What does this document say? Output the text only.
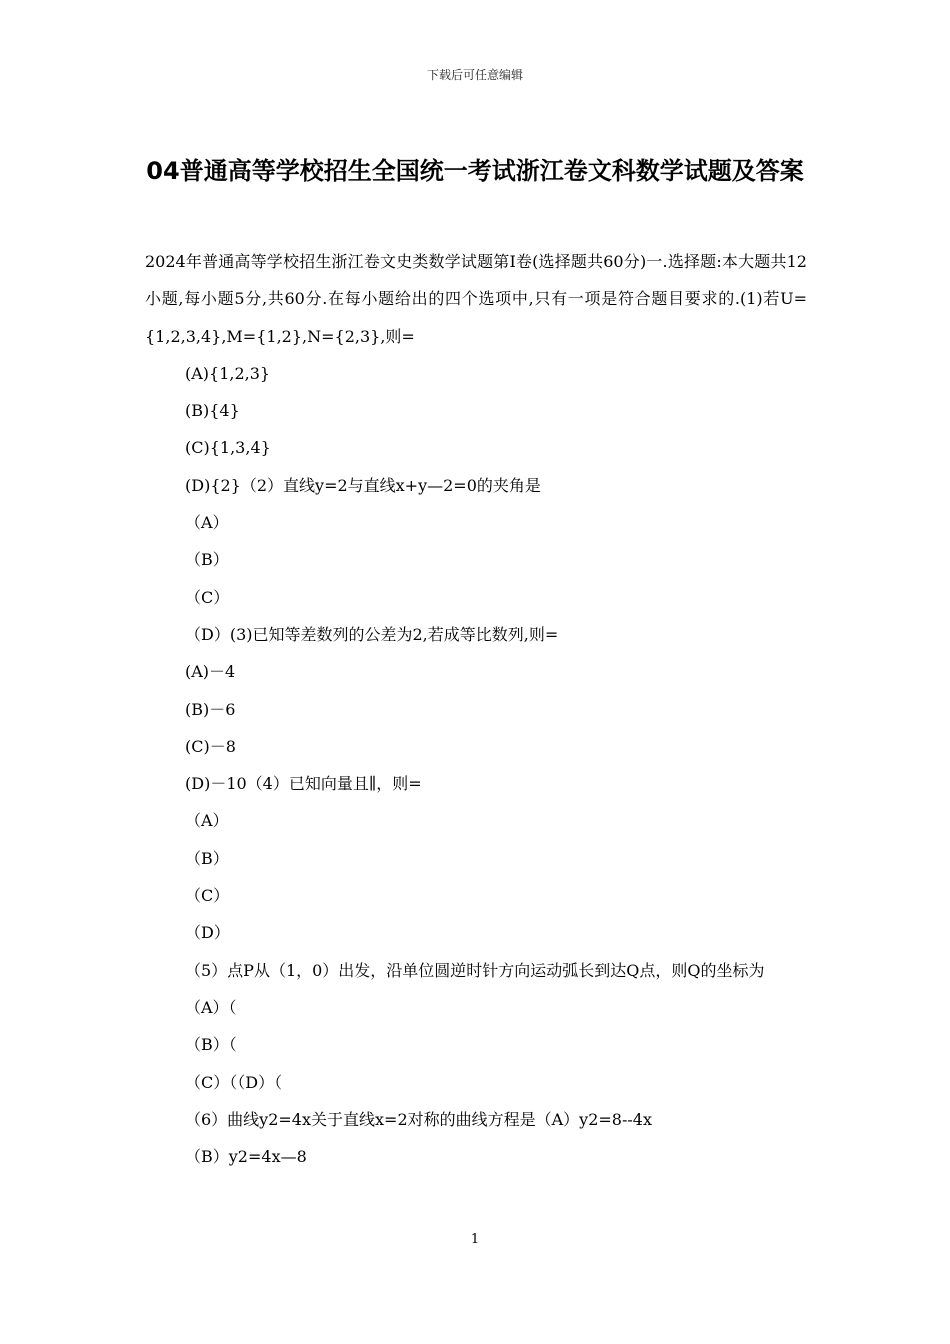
下载后可任意编辑
04普通高等学校招生全国统一考试浙江卷文科数学试题及答案

2024年普通高等学校招生浙江卷文史类数学试题第Ⅰ卷(选择题共60分)一.选择题:本大题共12小题,每小题5分,共60分.在每小题给出的四个选项中,只有一项是符合题目要求的.(1)若U={1,2,3,4},M={1,2},N={2,3},则=

(A){1,2,3}

(B){4}

(C){1,3,4}

(D){2}（2）直线y=2与直线x+y—2=0的夹角是

（A）

（B）

（C）

（D）(3)已知等差数列的公差为2,若成等比数列,则=

(A)－4

(B)－6

(C)－8

(D)－10（4）已知向量且∥，则=

（A）

（B）

（C）

（D）

（5）点P从（1，0）出发，沿单位圆逆时针方向运动弧长到达Q点，则Q的坐标为

（A）（

（B）（

（C）（（D）（

（6）曲线y2=4x关于直线x=2对称的曲线方程是（A）y2=8--4x

（B）y2=4x—8

1
